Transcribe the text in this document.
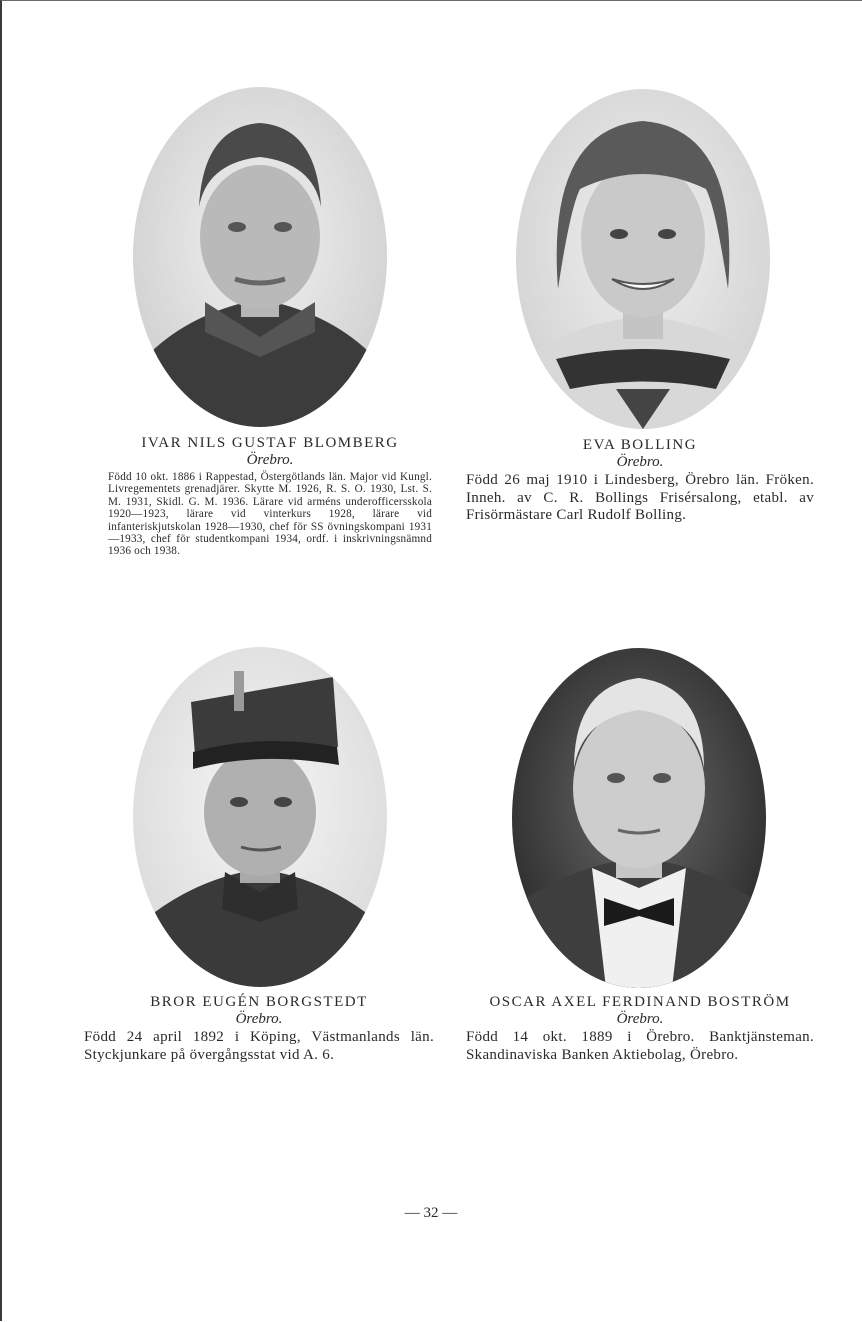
IVAR NILS GUSTAF BLOMBERG
Örebro.
Född 10 okt. 1886 i Rappestad, Östergötlands län. Major vid Kungl. Livregementets grenadjärer. Skytte M. 1926, R. S. O. 1930, Lst. S. M. 1931, Skidl. G. M. 1936. Lärare vid arméns underofficersskola 1920—1923, lärare vid vinterkurs 1928, lärare vid infanteriskjutskolan 1928—1930, chef för SS övningskompani 1931—1933, chef för studentkompani 1934, ordf. i inskrivningsnämnd 1936 och 1938.
EVA BOLLING
Örebro.
Född 26 maj 1910 i Lindesberg, Örebro län. Fröken. Inneh. av C. R. Bollings Frisérsalong, etabl. av Frisörmästare Carl Rudolf Bolling.
BROR EUGÉN BORGSTEDT
Örebro.
Född 24 april 1892 i Köping, Västmanlands län. Styckjunkare på övergångsstat vid A. 6.
OSCAR AXEL FERDINAND BOSTRÖM
Örebro.
Född 14 okt. 1889 i Örebro. Banktjänsteman. Skandinaviska Banken Aktiebolag, Örebro.
— 32 —
